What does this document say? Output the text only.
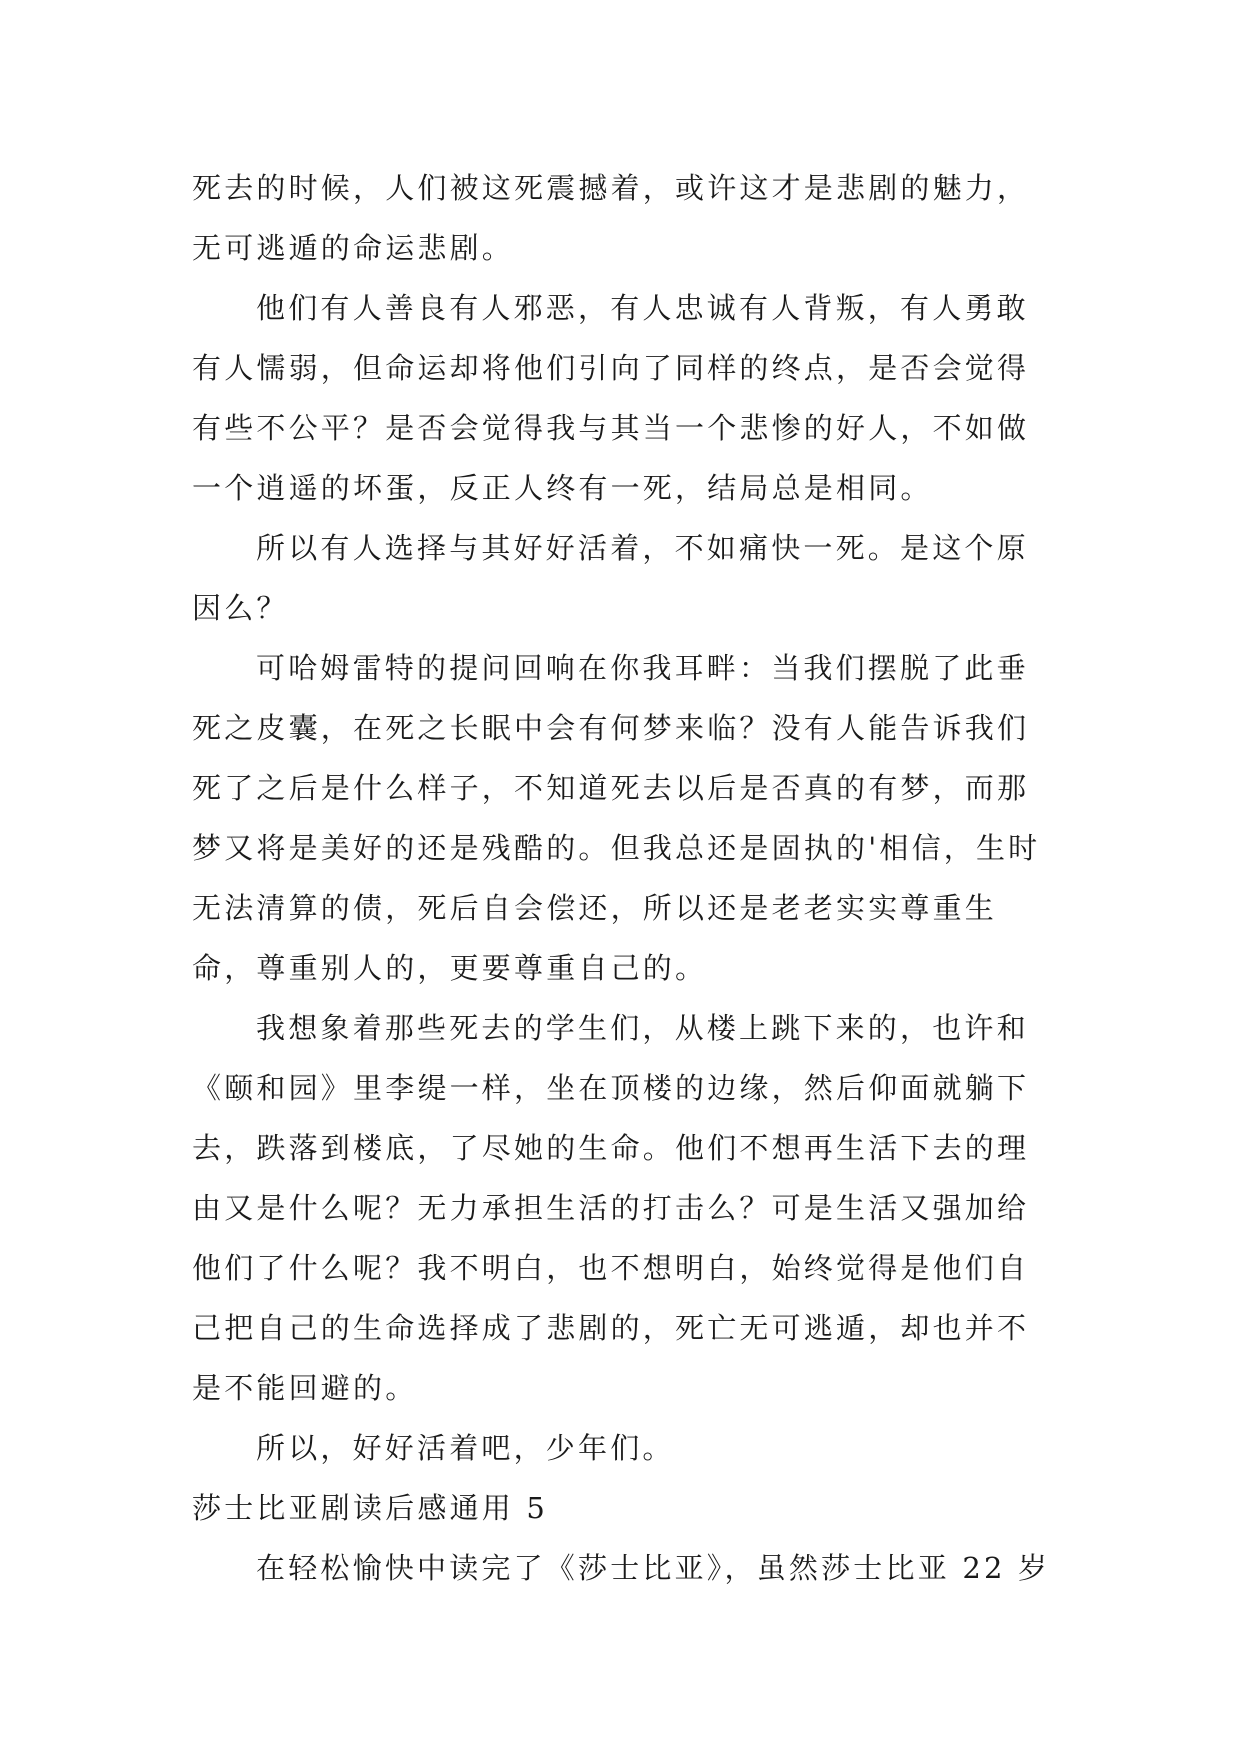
死去的时候，人们被这死震撼着，或许这才是悲剧的魅力，无可逃遁的命运悲剧。

他们有人善良有人邪恶，有人忠诚有人背叛，有人勇敢有人懦弱，但命运却将他们引向了同样的终点，是否会觉得有些不公平？是否会觉得我与其当一个悲惨的好人，不如做一个逍遥的坏蛋，反正人终有一死，结局总是相同。

所以有人选择与其好好活着，不如痛快一死。是这个原因么？

可哈姆雷特的提问回响在你我耳畔：当我们摆脱了此垂死之皮囊，在死之长眠中会有何梦来临？没有人能告诉我们死了之后是什么样子，不知道死去以后是否真的有梦，而那梦又将是美好的还是残酷的。但我总还是固执的'相信，生时无法清算的债，死后自会偿还，所以还是老老实实尊重生命，尊重别人的，更要尊重自己的。

我想象着那些死去的学生们，从楼上跳下来的，也许和《颐和园》里李缇一样，坐在顶楼的边缘，然后仰面就躺下去，跌落到楼底，了尽她的生命。他们不想再生活下去的理由又是什么呢？无力承担生活的打击么？可是生活又强加给他们了什么呢？我不明白，也不想明白，始终觉得是他们自己把自己的生命选择成了悲剧的，死亡无可逃遁，却也并不是不能回避的。

所以，好好活着吧，少年们。

莎士比亚剧读后感通用 5

在轻松愉快中读完了《莎士比亚》，虽然莎士比亚 22 岁
